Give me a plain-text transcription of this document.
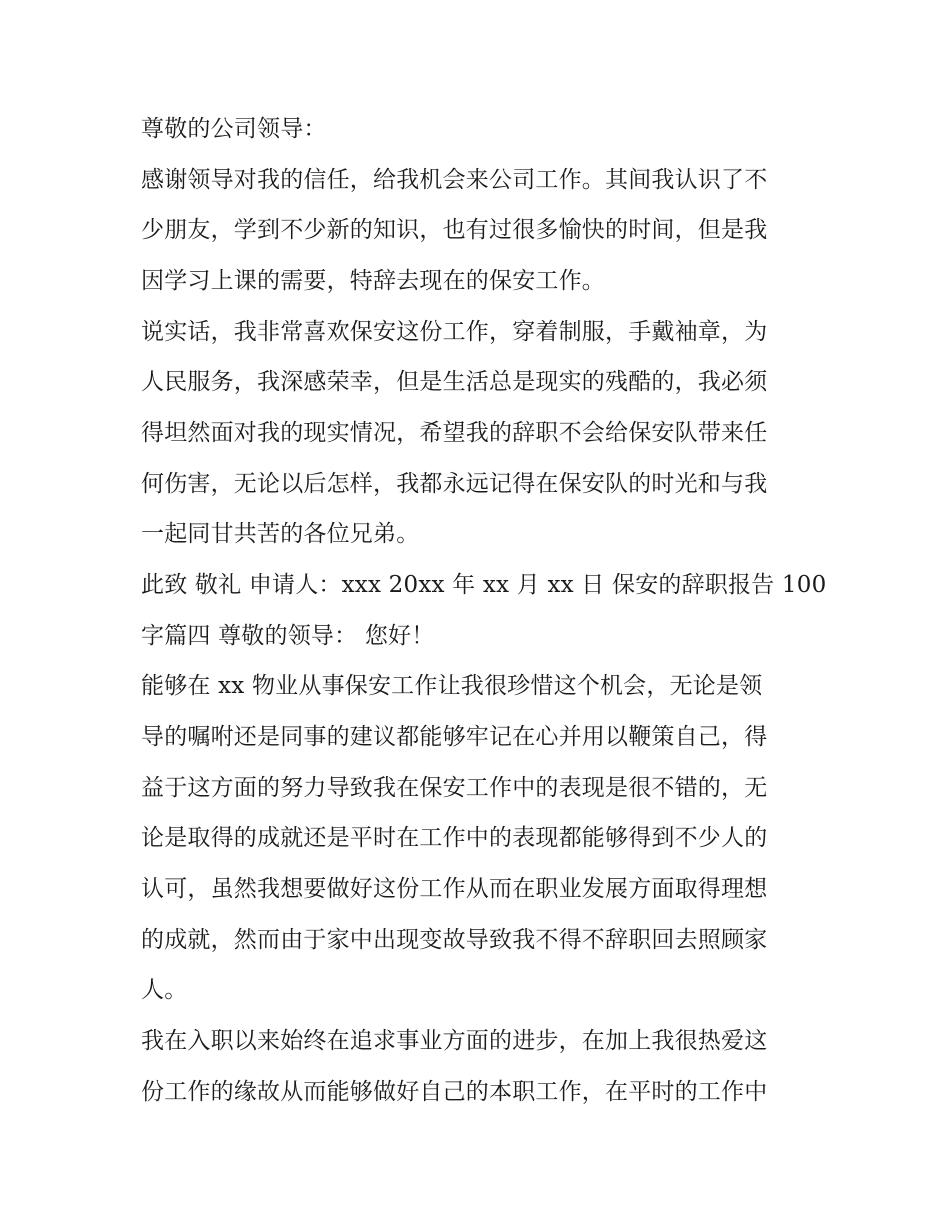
尊敬的公司领导：
感谢领导对我的信任，给我机会来公司工作。其间我认识了不
少朋友，学到不少新的知识，也有过很多愉快的时间，但是我
因学习上课的需要，特辞去现在的保安工作。
说实话，我非常喜欢保安这份工作，穿着制服，手戴袖章，为
人民服务，我深感荣幸，但是生活总是现实的残酷的，我必须
得坦然面对我的现实情况，希望我的辞职不会给保安队带来任
何伤害，无论以后怎样，我都永远记得在保安队的时光和与我
一起同甘共苦的各位兄弟。
此致 敬礼 申请人：xxx 20xx 年 xx 月 xx 日 保安的辞职报告 100
字篇四 尊敬的领导： 您好！
能够在 xx 物业从事保安工作让我很珍惜这个机会，无论是领
导的嘱咐还是同事的建议都能够牢记在心并用以鞭策自己，得
益于这方面的努力导致我在保安工作中的表现是很不错的，无
论是取得的成就还是平时在工作中的表现都能够得到不少人的
认可，虽然我想要做好这份工作从而在职业发展方面取得理想
的成就，然而由于家中出现变故导致我不得不辞职回去照顾家
人。
我在入职以来始终在追求事业方面的进步，在加上我很热爱这
份工作的缘故从而能够做好自己的本职工作，在平时的工作中
